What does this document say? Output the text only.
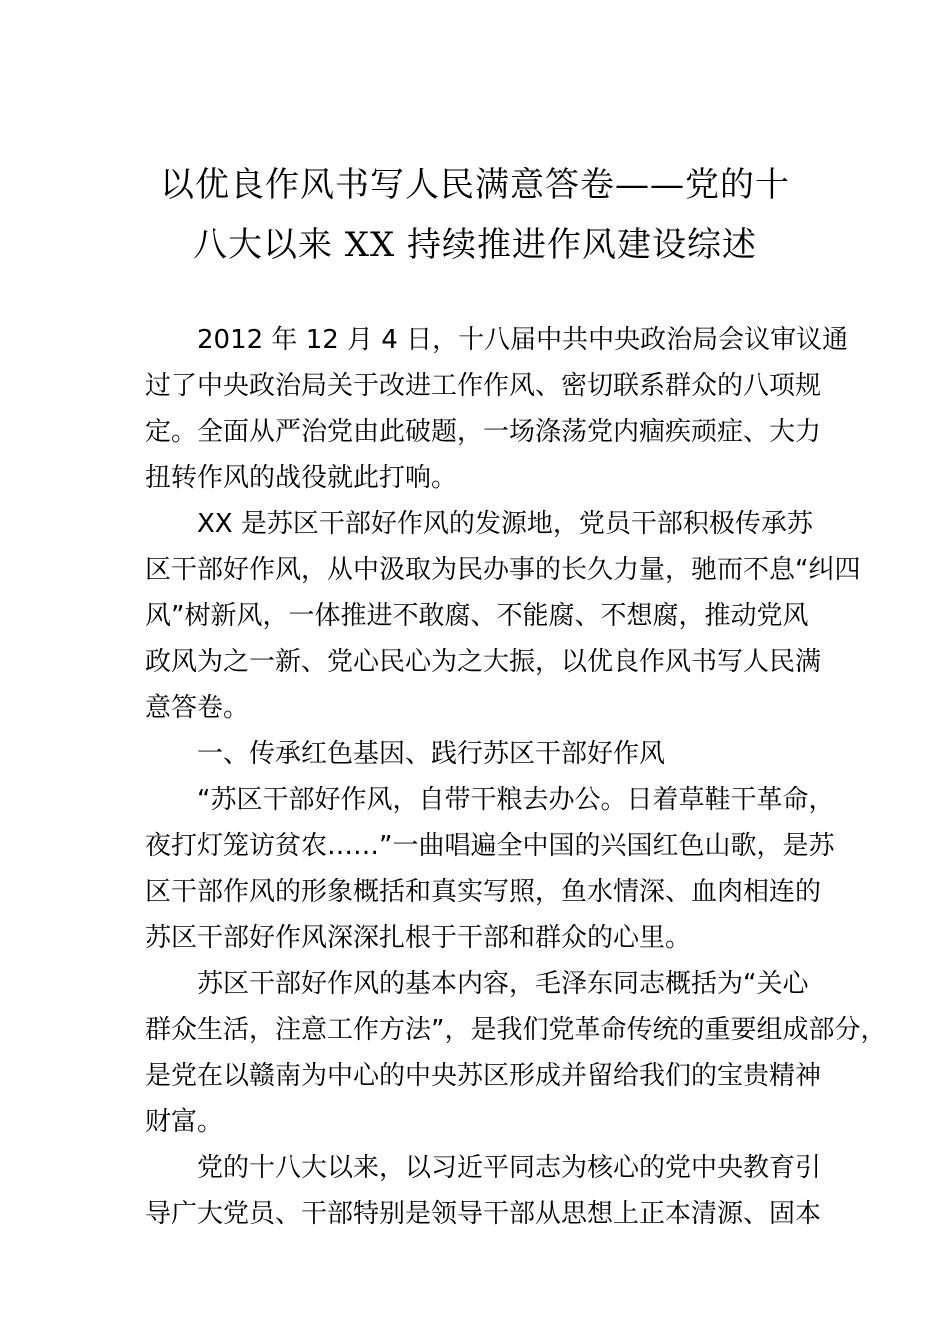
以优良作风书写人民满意答卷——党的十
八大以来 XX 持续推进作风建设综述
2012 年 12 月 4 日，十八届中共中央政治局会议审议通
过了中央政治局关于改进工作作风、密切联系群众的八项规
定。全面从严治党由此破题，一场涤荡党内痼疾顽症、大力
扭转作风的战役就此打响。
XX 是苏区干部好作风的发源地，党员干部积极传承苏
区干部好作风，从中汲取为民办事的长久力量，驰而不息“纠四
风”树新风，一体推进不敢腐、不能腐、不想腐，推动党风
政风为之一新、党心民心为之大振，以优良作风书写人民满
意答卷。
一、传承红色基因、践行苏区干部好作风
“苏区干部好作风，自带干粮去办公。日着草鞋干革命，
夜打灯笼访贫农……”一曲唱遍全中国的兴国红色山歌，是苏
区干部作风的形象概括和真实写照，鱼水情深、血肉相连的
苏区干部好作风深深扎根于干部和群众的心里。
苏区干部好作风的基本内容，毛泽东同志概括为“关心
群众生活，注意工作方法”，是我们党革命传统的重要组成部分，
是党在以赣南为中心的中央苏区形成并留给我们的宝贵精神
财富。
党的十八大以来，以习近平同志为核心的党中央教育引
导广大党员、干部特别是领导干部从思想上正本清源、固本
